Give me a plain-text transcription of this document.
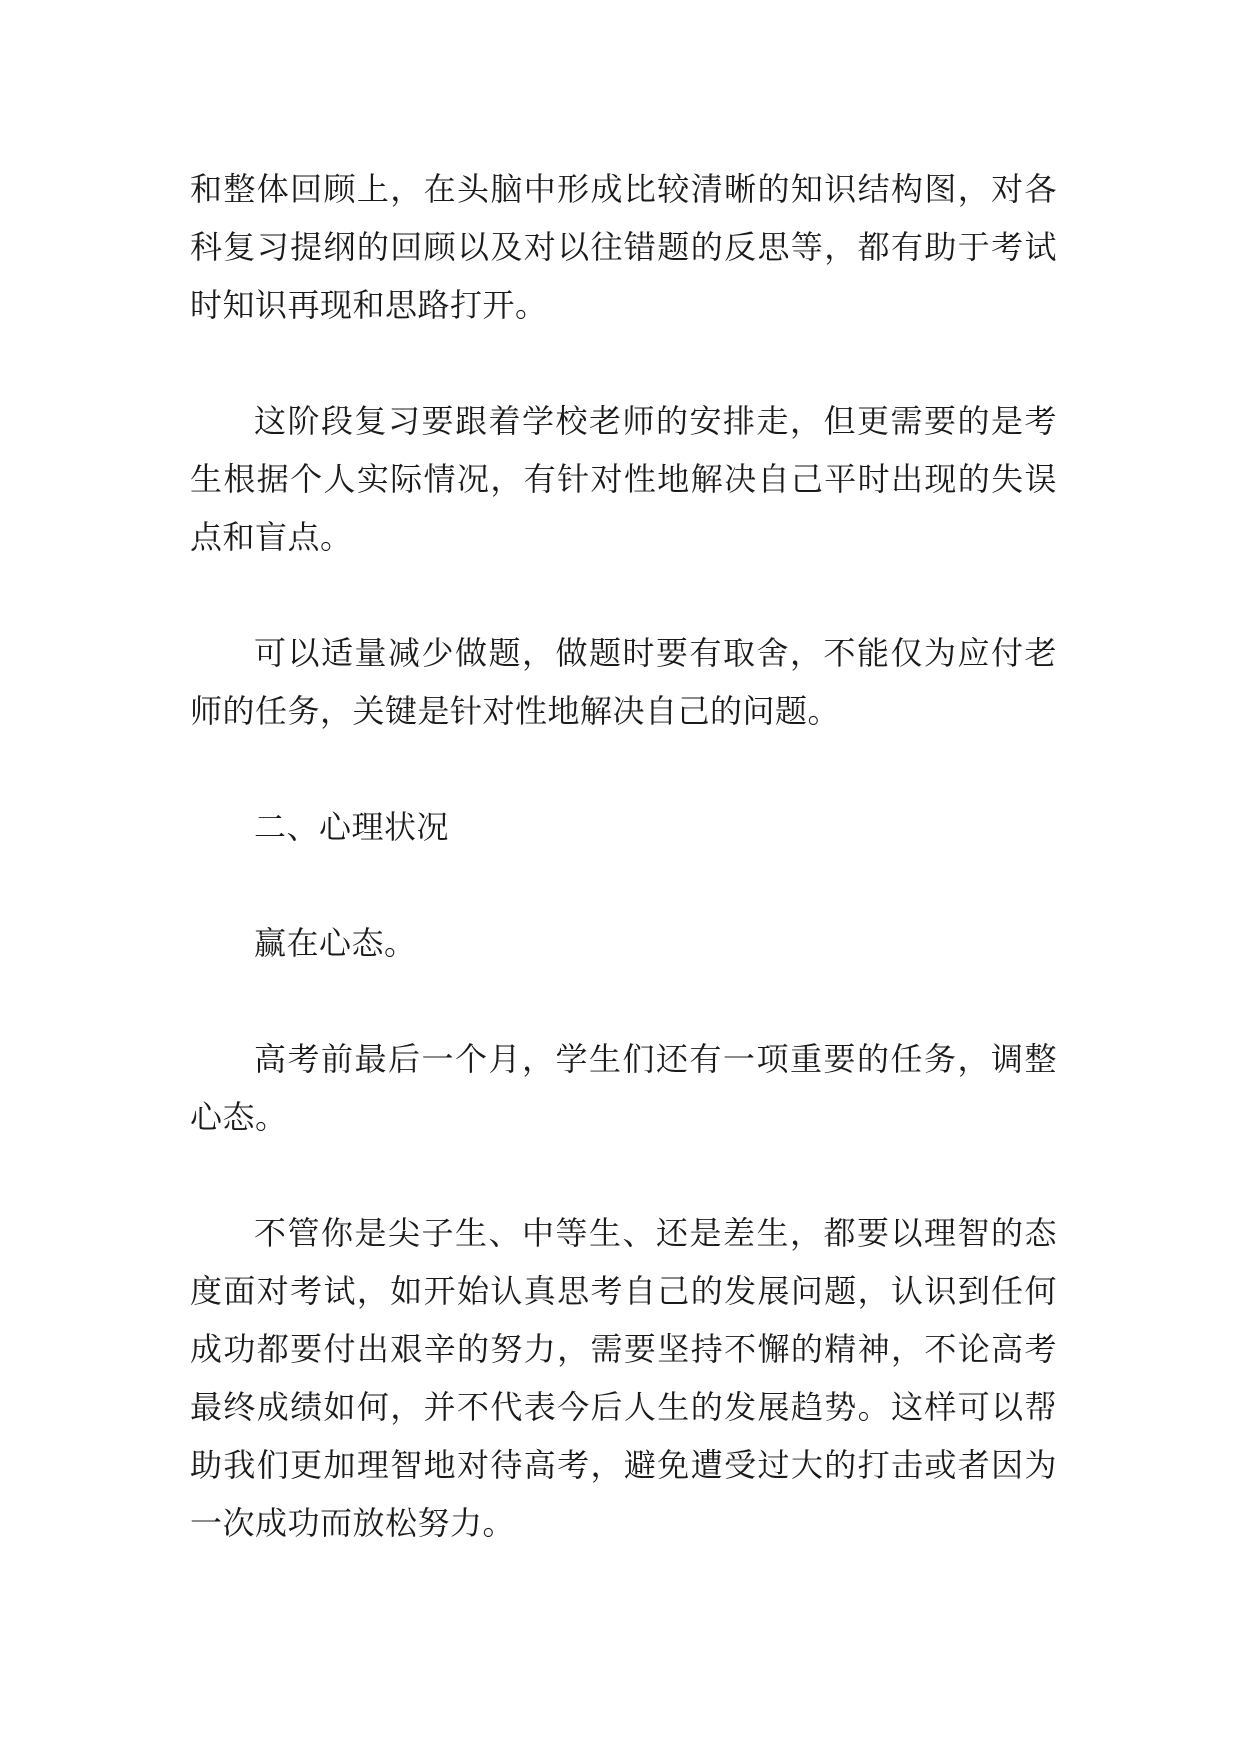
和整体回顾上，在头脑中形成比较清晰的知识结构图，对各科复习提纲的回顾以及对以往错题的反思等，都有助于考试时知识再现和思路打开。

这阶段复习要跟着学校老师的安排走，但更需要的是考生根据个人实际情况，有针对性地解决自己平时出现的失误点和盲点。

可以适量减少做题，做题时要有取舍，不能仅为应付老师的任务，关键是针对性地解决自己的问题。

二、心理状况

赢在心态。

高考前最后一个月，学生们还有一项重要的任务，调整心态。

不管你是尖子生、中等生、还是差生，都要以理智的态度面对考试，如开始认真思考自己的发展问题，认识到任何成功都要付出艰辛的努力，需要坚持不懈的精神，不论高考最终成绩如何，并不代表今后人生的发展趋势。这样可以帮助我们更加理智地对待高考，避免遭受过大的打击或者因为一次成功而放松努力。
